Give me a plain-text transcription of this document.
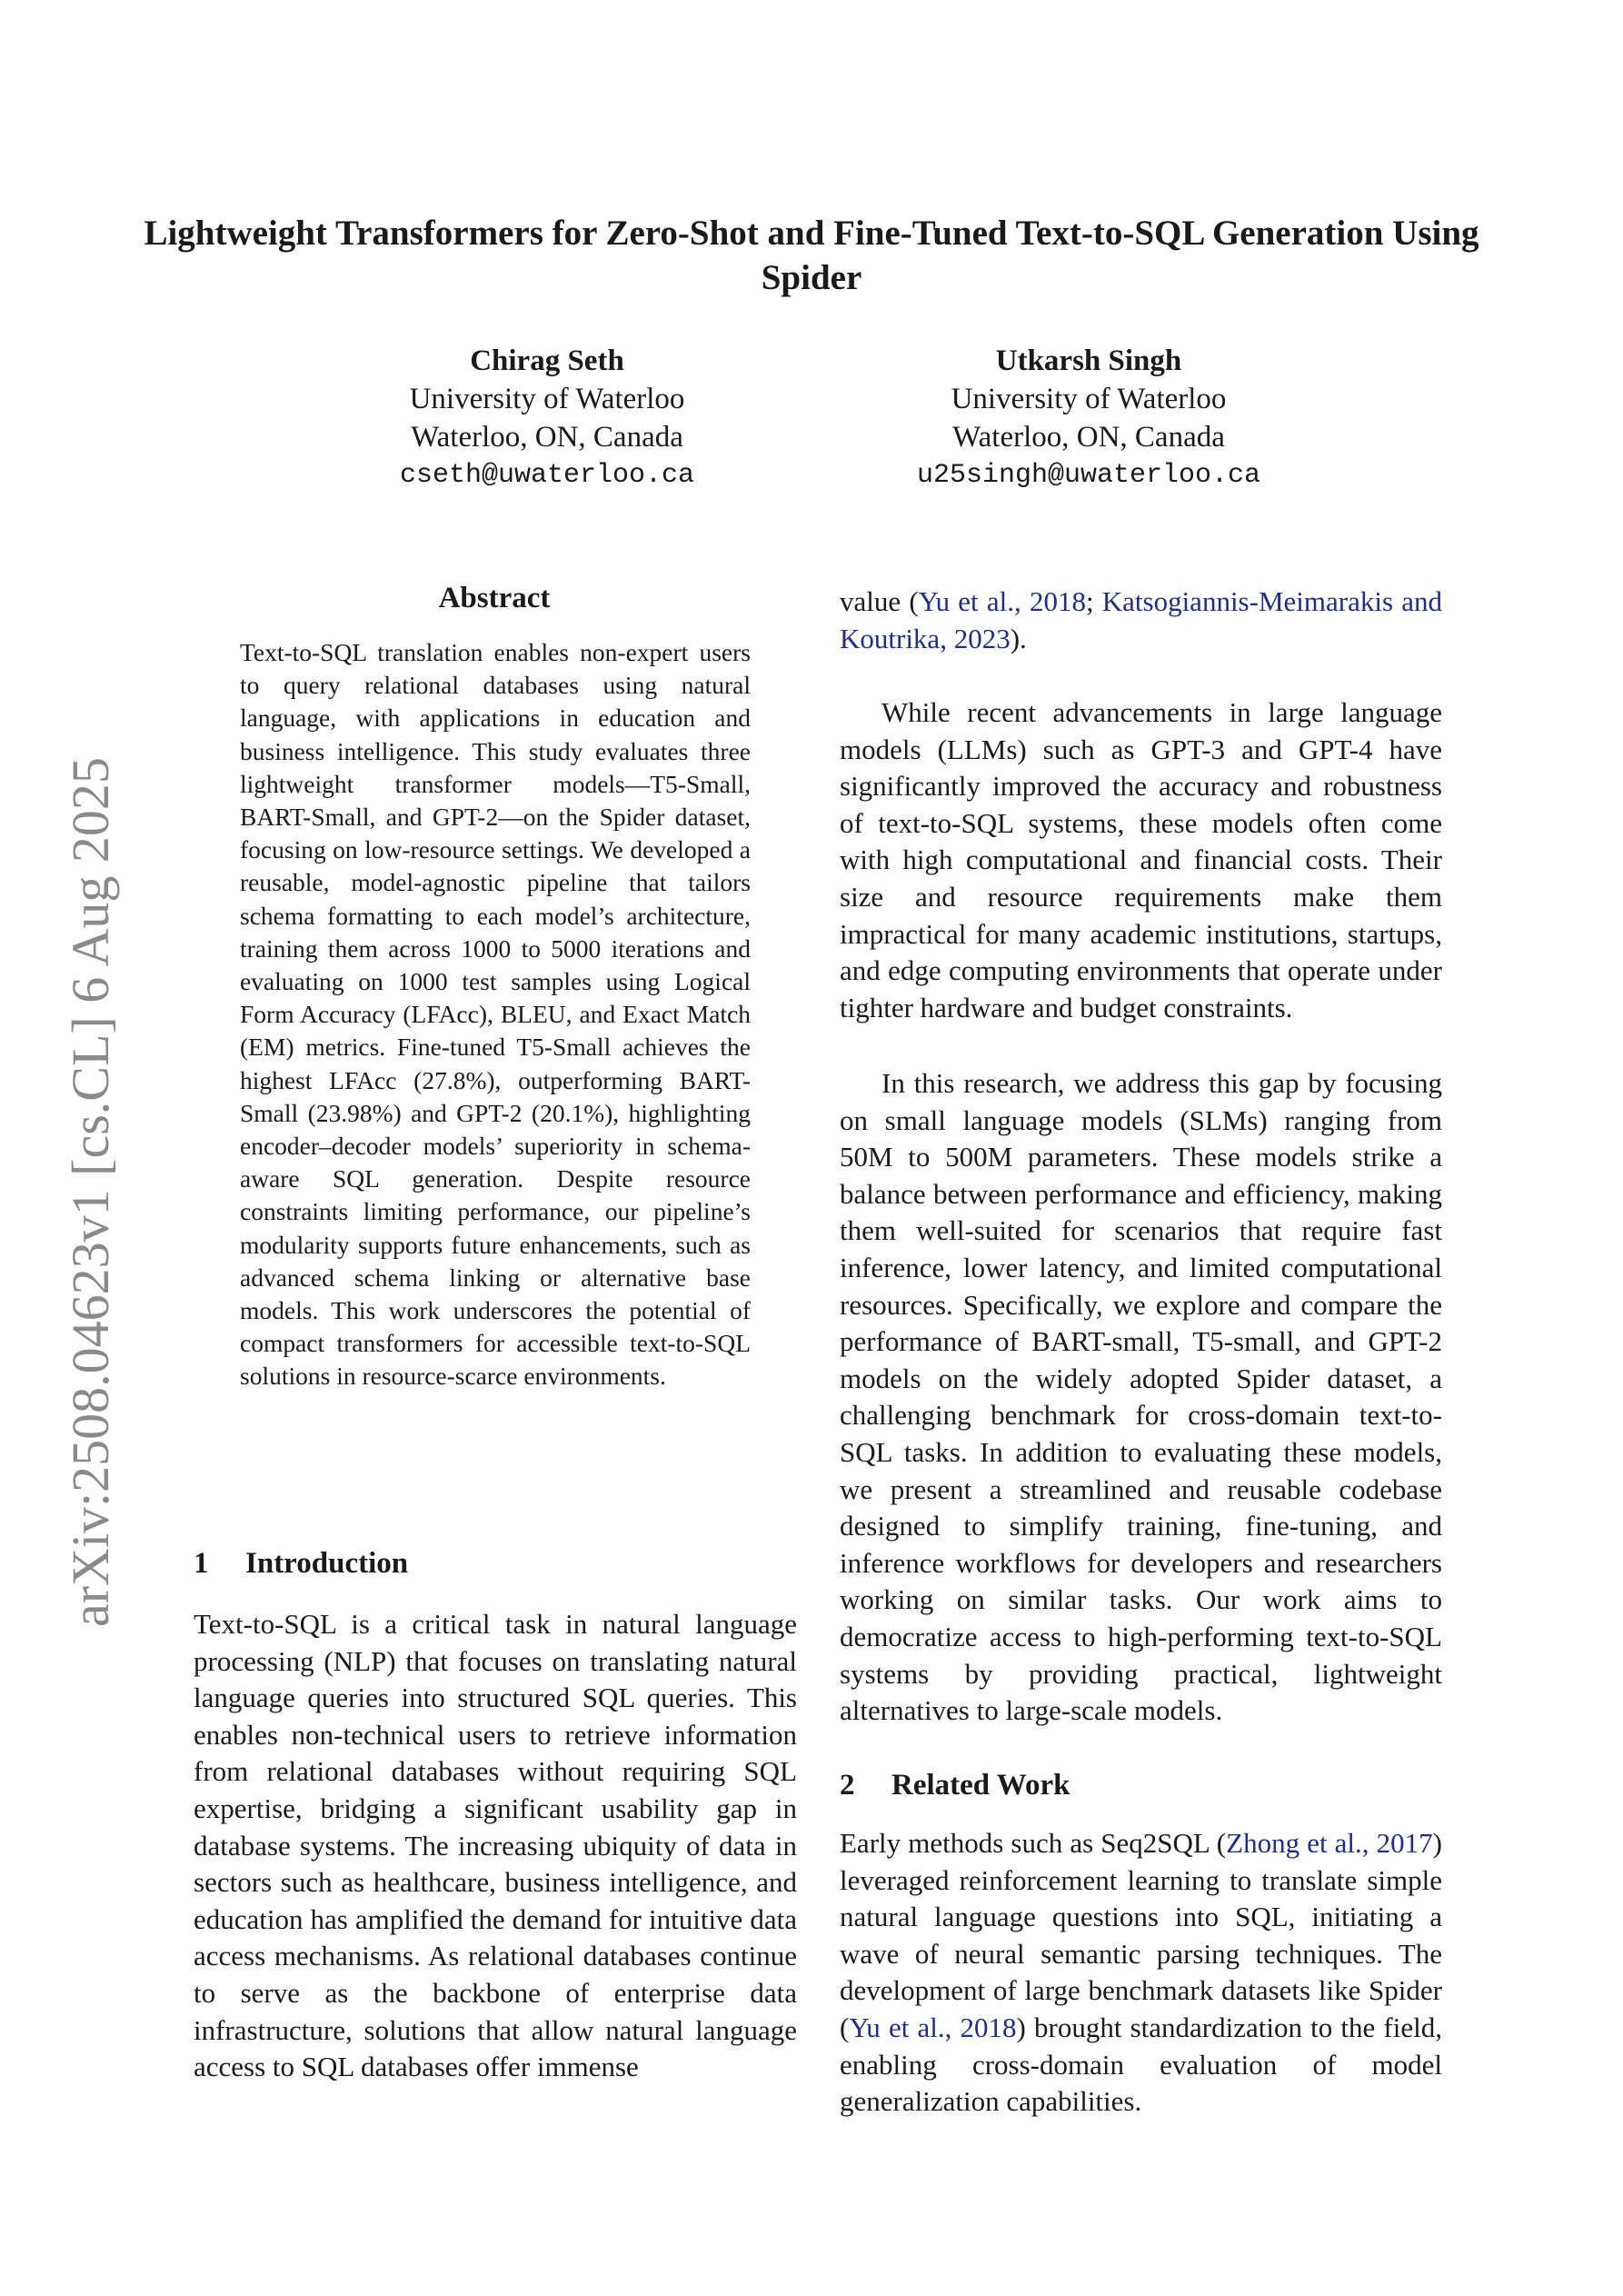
arXiv:2508.04623v1 [cs.CL] 6 Aug 2025
Lightweight Transformers for Zero-Shot and Fine-Tuned Text-to-SQL Generation Using Spider
Chirag Seth
University of Waterloo
Waterloo, ON, Canada
cseth@uwaterloo.ca
Utkarsh Singh
University of Waterloo
Waterloo, ON, Canada
u25singh@uwaterloo.ca
Abstract
Text-to-SQL translation enables non-expert users to query relational databases using natural language, with applications in education and business intelligence. This study evaluates three lightweight transformer models—T5-Small, BART-Small, and GPT-2—on the Spider dataset, focusing on low-resource settings. We developed a reusable, model-agnostic pipeline that tailors schema formatting to each model’s architecture, training them across 1000 to 5000 iterations and evaluating on 1000 test samples using Logical Form Accuracy (LFAcc), BLEU, and Exact Match (EM) metrics. Fine-tuned T5-Small achieves the highest LFAcc (27.8%), outperforming BART-Small (23.98%) and GPT-2 (20.1%), highlighting encoder–decoder models’ superiority in schema-aware SQL generation. Despite resource constraints limiting performance, our pipeline’s modularity supports future enhancements, such as advanced schema linking or alternative base models. This work underscores the potential of compact transformers for accessible text-to-SQL solutions in resource-scarce environments.
1 Introduction

Text-to-SQL is a critical task in natural language processing (NLP) that focuses on translating natural language queries into structured SQL queries. This enables non-technical users to retrieve information from relational databases without requiring SQL expertise, bridging a significant usability gap in database systems. The increasing ubiquity of data in sectors such as healthcare, business intelligence, and education has amplified the demand for intuitive data access mechanisms. As relational databases continue to serve as the backbone of enterprise data infrastructure, solutions that allow natural language access to SQL databases offer immense

value (Yu et al., 2018; Katsogiannis-Meimarakis and Koutrika, 2023).

While recent advancements in large language models (LLMs) such as GPT-3 and GPT-4 have significantly improved the accuracy and robustness of text-to-SQL systems, these models often come with high computational and financial costs. Their size and resource requirements make them impractical for many academic institutions, startups, and edge computing environments that operate under tighter hardware and budget constraints.

In this research, we address this gap by focusing on small language models (SLMs) ranging from 50M to 500M parameters. These models strike a balance between performance and efficiency, making them well-suited for scenarios that require fast inference, lower latency, and limited computational resources. Specifically, we explore and compare the performance of BART-small, T5-small, and GPT-2 models on the widely adopted Spider dataset, a challenging benchmark for cross-domain text-to-SQL tasks. In addition to evaluating these models, we present a streamlined and reusable codebase designed to simplify training, fine-tuning, and inference workflows for developers and researchers working on similar tasks. Our work aims to democratize access to high-performing text-to-SQL systems by providing practical, lightweight alternatives to large-scale models.

2 Related Work

Early methods such as Seq2SQL (Zhong et al., 2017) leveraged reinforcement learning to translate simple natural language questions into SQL, initiating a wave of neural semantic parsing techniques. The development of large benchmark datasets like Spider (Yu et al., 2018) brought standardization to the field, enabling cross-domain evaluation of model generalization capabilities.
